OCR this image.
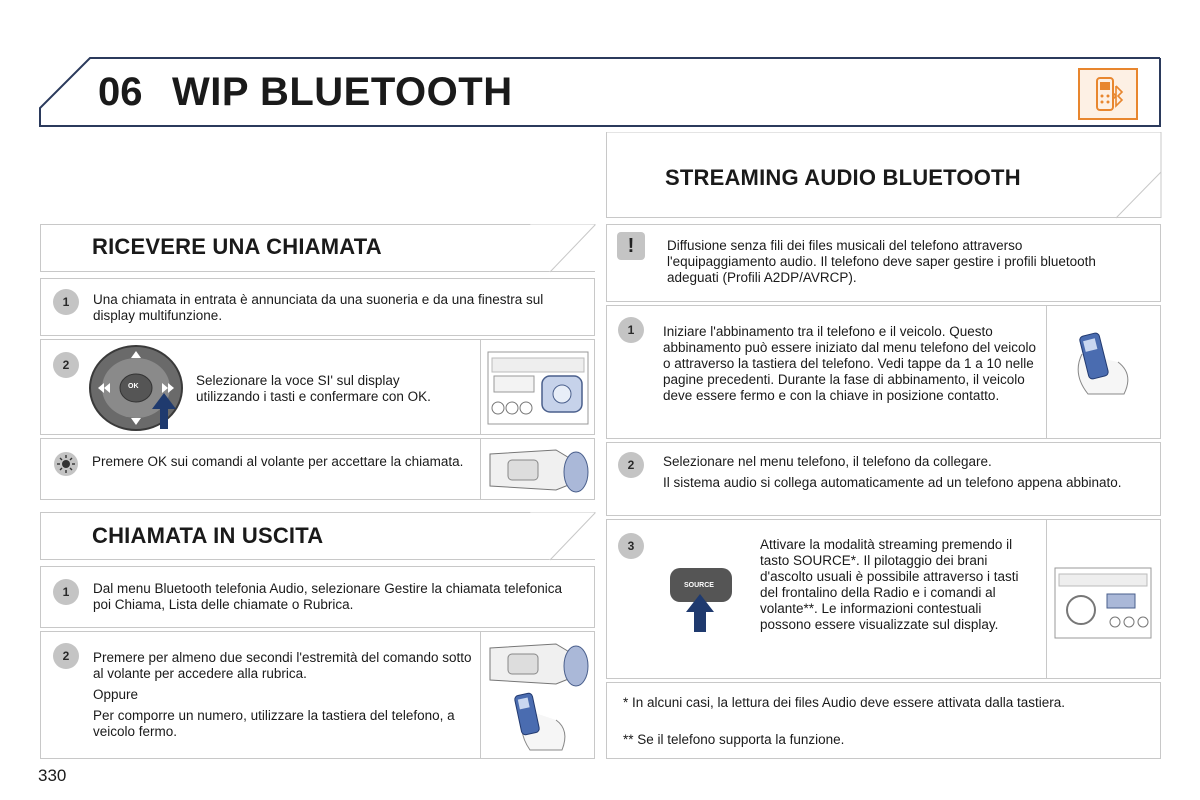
06 WIP BLUETOOTH
RICEVERE UNA CHIAMATA
1	Una chiamata in entrata è annunciata da una suoneria e da una finestra sul display multifunzione.
2
OK	Selezionare la voce SI' sul display utilizzando i tasti e confermare con OK.
Premere OK sui comandi al volante per accettare la chiamata.
CHIAMATA IN USCITA
1	Dal menu Bluetooth telefonia Audio, selezionare Gestire la chiamata telefonica poi Chiama, Lista delle chiamate o Rubrica.
2	Premere per almeno due secondi l'estremità del comando sotto al volante per accedere alla rubrica.
Oppure
Per comporre un numero, utilizzare la tastiera del telefono, a veicolo fermo.
STREAMING AUDIO BLUETOOTH
!	Diffusione senza fili dei files musicali del telefono attraverso l'equipaggiamento audio. Il telefono deve saper gestire i profili bluetooth adeguati (Profili A2DP/AVRCP).
1	Iniziare l'abbinamento tra il telefono e il veicolo. Questo abbinamento può essere iniziato dal menu telefono del veicolo o attraverso la tastiera del telefono. Vedi tappe da 1 a 10 nelle pagine precedenti. Durante la fase di abbinamento, il veicolo deve essere fermo e con la chiave in posizione contatto.
2	Selezionare nel menu telefono, il telefono da collegare.
Il sistema audio si collega automaticamente ad un telefono appena abbinato.
3
SOURCE
Attivare la modalità streaming premendo il tasto SOURCE*. Il pilotaggio dei brani d'ascolto usuali è possibile attraverso i tasti del frontalino della Radio e i comandi al volante**. Le informazioni contestuali possono essere visualizzate sul display.
* In alcuni casi, la lettura dei files Audio deve essere attivata dalla tastiera.
** Se il telefono supporta la funzione.
330
